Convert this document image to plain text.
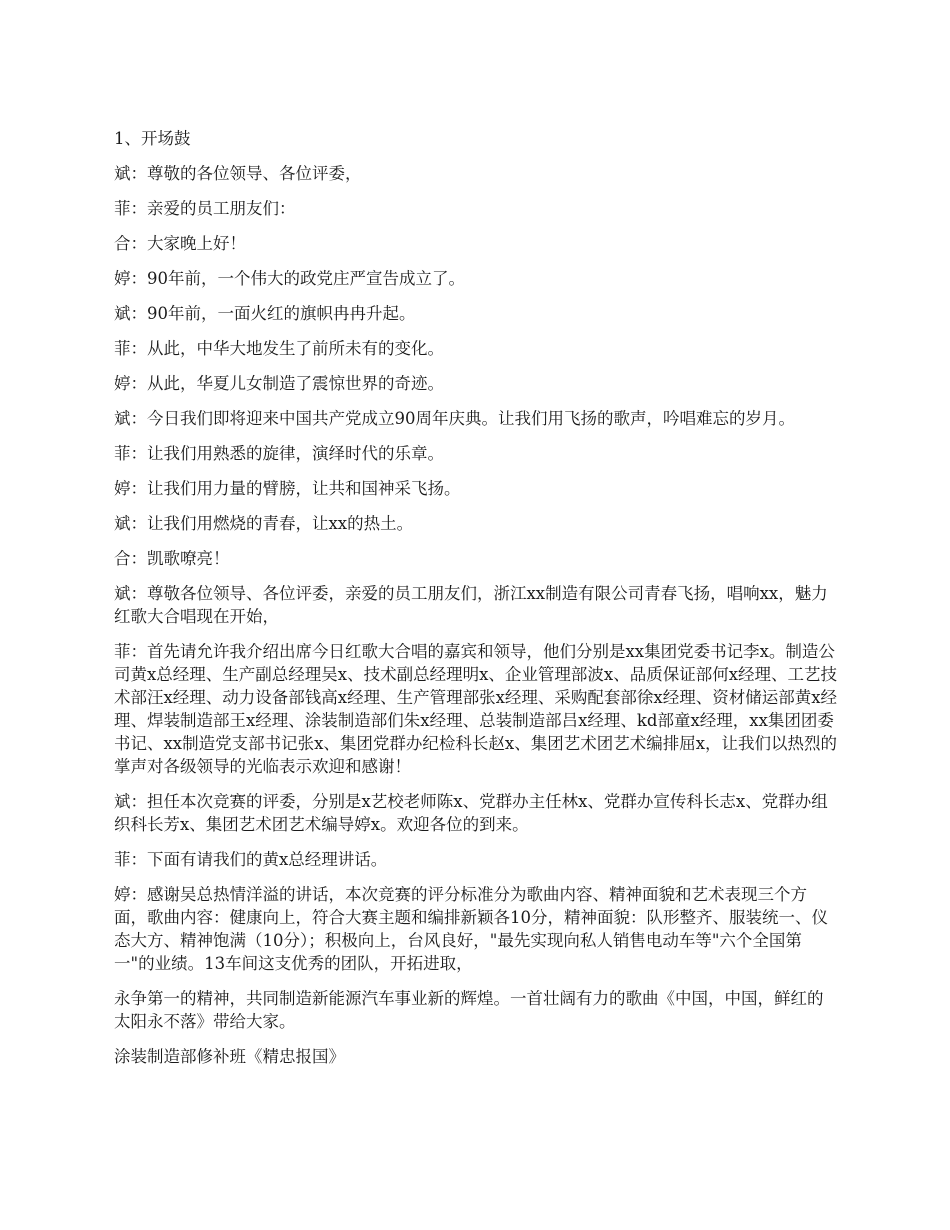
1、开场鼓

斌：尊敬的各位领导、各位评委，

菲：亲爱的员工朋友们：

合：大家晚上好！

婷：90年前，一个伟大的政党庄严宣告成立了。

斌：90年前，一面火红的旗帜冉冉升起。

菲：从此，中华大地发生了前所未有的变化。

婷：从此，华夏儿女制造了震惊世界的奇迹。

斌：今日我们即将迎来中国共产党成立90周年庆典。让我们用飞扬的歌声，吟唱难忘的岁月。

菲：让我们用熟悉的旋律，演绎时代的乐章。

婷：让我们用力量的臂膀，让共和国神采飞扬。

斌：让我们用燃烧的青春，让xx的热土。

合：凯歌嘹亮！

斌：尊敬各位领导、各位评委，亲爱的员工朋友们，浙江xx制造有限公司青春飞扬，唱响xx，魅力红歌大合唱现在开始，

菲：首先请允许我介绍出席今日红歌大合唱的嘉宾和领导，他们分别是xx集团党委书记李x。制造公司黄x总经理、生产副总经理吴x、技术副总经理明x、企业管理部波x、品质保证部何x经理、工艺技术部汪x经理、动力设备部钱高x经理、生产管理部张x经理、采购配套部徐x经理、资材储运部黄x经理、焊装制造部王x经理、涂装制造部们朱x经理、总装制造部吕x经理、kd部童x经理，xx集团团委书记、xx制造党支部书记张x、集团党群办纪检科长赵x、集团艺术团艺术编排屈x，让我们以热烈的掌声对各级领导的光临表示欢迎和感谢！

斌：担任本次竞赛的评委，分别是x艺校老师陈x、党群办主任林x、党群办宣传科长志x、党群办组织科长芳x、集团艺术团艺术编导婷x。欢迎各位的到来。

菲：下面有请我们的黄x总经理讲话。

婷：感谢吴总热情洋溢的讲话，本次竞赛的评分标准分为歌曲内容、精神面貌和艺术表现三个方面，歌曲内容：健康向上，符合大赛主题和编排新颖各10分，精神面貌：队形整齐、服装统一、仪态大方、精神饱满（10分）；积极向上，台风良好，"最先实现向私人销售电动车等"六个全国第一"的业绩。13车间这支优秀的团队，开拓进取，

永争第一的精神，共同制造新能源汽车事业新的辉煌。一首壮阔有力的歌曲《中国，中国，鲜红的太阳永不落》带给大家。

涂装制造部修补班《精忠报国》
